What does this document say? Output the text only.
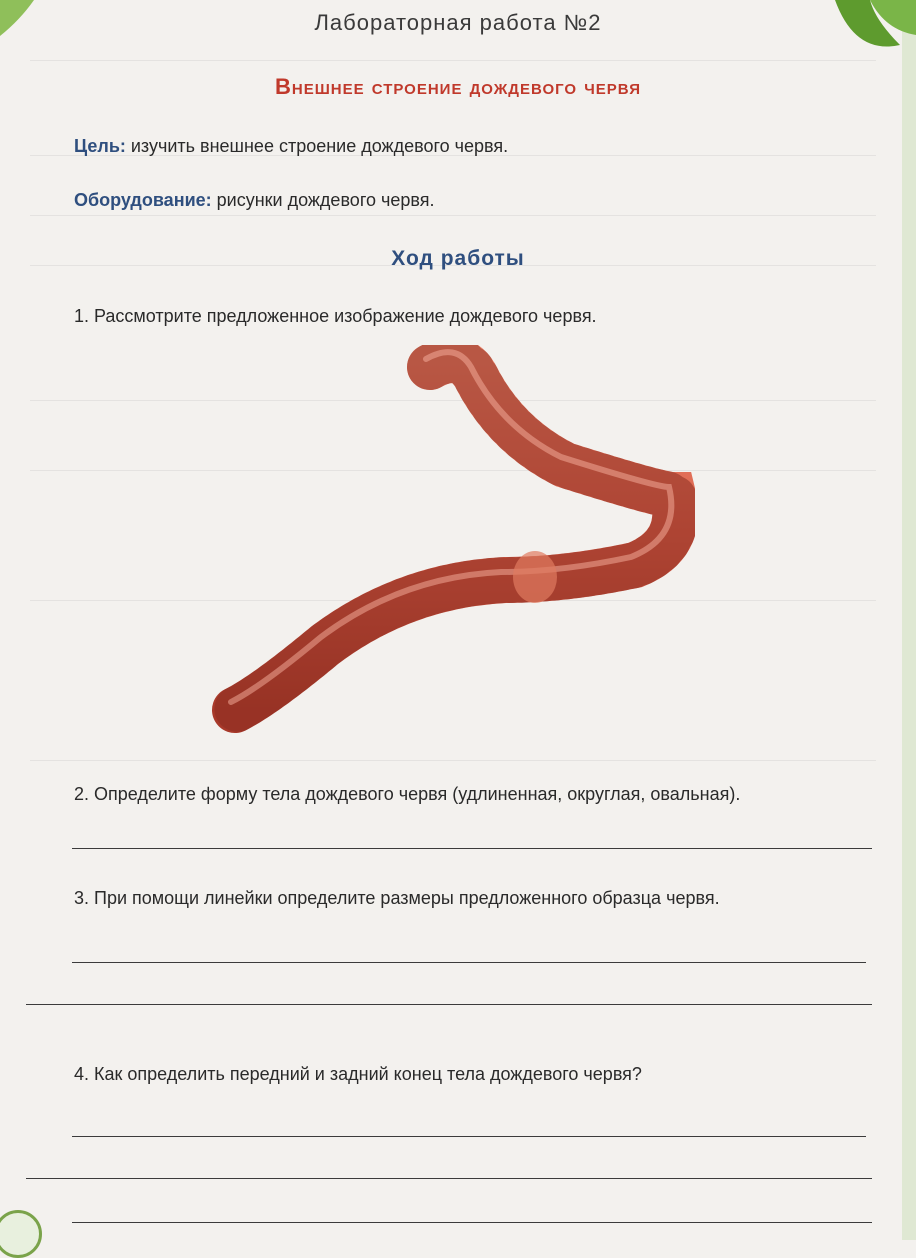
Лабораторная работа №2
Внешнее строение дождевого червя
Цель: изучить внешнее строение дождевого червя.
Оборудование: рисунки дождевого червя.
Ход работы
1. Рассмотрите предложенное изображение дождевого червя.
2. Определите форму тела дождевого червя (удлиненная, округлая, овальная).
3. При помощи линейки определите размеры предложенного образца червя.
4. Как определить передний и задний конец тела дождевого червя?
